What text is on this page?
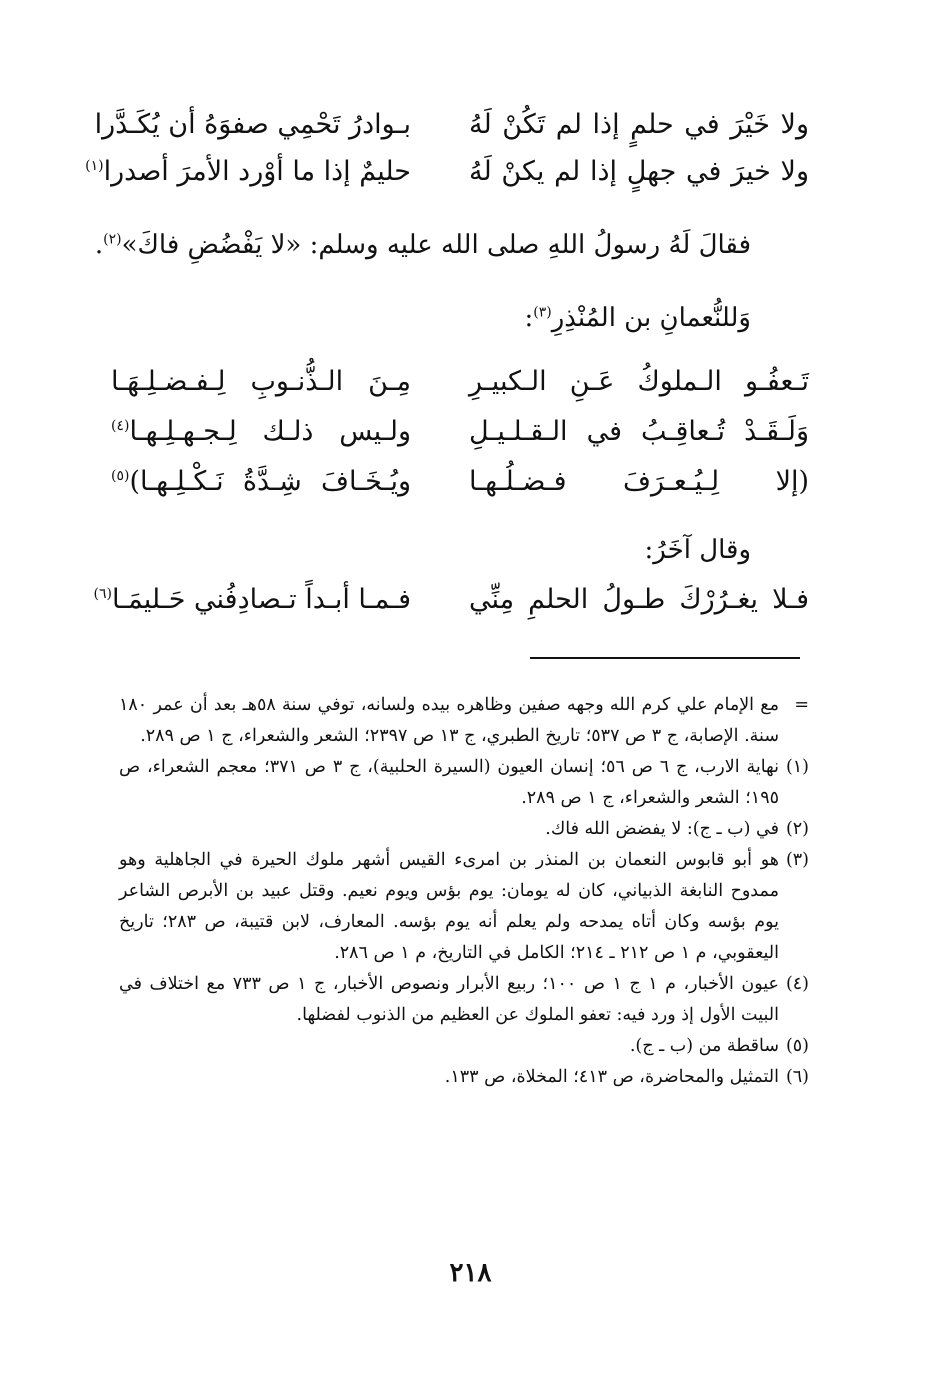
ولا خَيْرَ في حلمٍ إذا لم تَكُنْ لَهُ
بـوادرُ تَحْمِي صفوَهُ أن يُكَـدَّرا
ولا خيرَ في جهلٍ إذا لم يكنْ لَهُ
حليمٌ إذا ما أوْرد الأمرَ أصدرا$^{(١)}$
فقالَ لَهُ رسولُ اللهِ صلى الله عليه وسلم: «لا يَفْضُضِ فاكَ»$^{(٢)}$.
وَللنُّعمانِ بن المُنْذِرِ$^{(٣)}$:
تَـعفُـو الـملوكُ عَـنِ الـكبيـرِ
مِـنَ الـذُّنـوبِ لِـفـضـلِـهَـا
وَلَـقَـدْ تُـعاقِـبُ في الـقـلـيـلِ
ولـيس ذلـك لِـجـهـلِـهـا$^{(٤)}$
(إلا لِـيُـعـرَفَ فـضـلُـهـا
ويُـخَـافَ شِـدَّةُ نَـكْـلِـهـا)$^{(٥)}$
وقال آخَرُ:
فـلا يغـرُرْكَ طـولُ الحلمِ مِنِّي
فـمـا أبـداً تـصادِفُني حَـليمَـا$^{(٦)}$
=
مع الإمام علي كرم الله وجهه صفين وظاهره بيده ولسانه، توفي سنة ٥٨هـ بعد أن عمر ١٨٠ سنة. الإصابة، ج ٣ ص ٥٣٧؛ تاريخ الطبري، ج ١٣ ص ٢٣٩٧؛ الشعر والشعراء، ج ١ ص ٢٨٩.
(١)
نهاية الارب، ج ٦ ص ٥٦؛ إنسان العيون (السيرة الحلبية)، ج ٣ ص ٣٧١؛ معجم الشعراء، ص ١٩٥؛ الشعر والشعراء، ج ١ ص ٢٨٩.
(٢)
في (ب ـ ج): لا يفضض الله فاك.
(٣)
هو أبو قابوس النعمان بن المنذر بن امرىء القيس أشهر ملوك الحيرة في الجاهلية وهو ممدوح النابغة الذبياني، كان له يومان: يوم بؤس ويوم نعيم. وقتل عبيد بن الأبرص الشاعر يوم بؤسه وكان أتاه يمدحه ولم يعلم أنه يوم بؤسه. المعارف، لابن قتيبة، ص ٢٨٣؛ تاريخ اليعقوبي، م ١ ص ٢١٢ ـ ٢١٤؛ الكامل في التاريخ، م ١ ص ٢٨٦.
(٤)
عيون الأخبار، م ١ ج ١ ص ١٠٠؛ ربيع الأبرار ونصوص الأخبار، ج ١ ص ٧٣٣ مع اختلاف في البيت الأول إذ ورد فيه: تعفو الملوك عن العظيم من الذنوب لفضلها.
(٥)
ساقطة من (ب ـ ج).
(٦)
التمثيل والمحاضرة، ص ٤١٣؛ المخلاة، ص ١٣٣.
٢١٨
